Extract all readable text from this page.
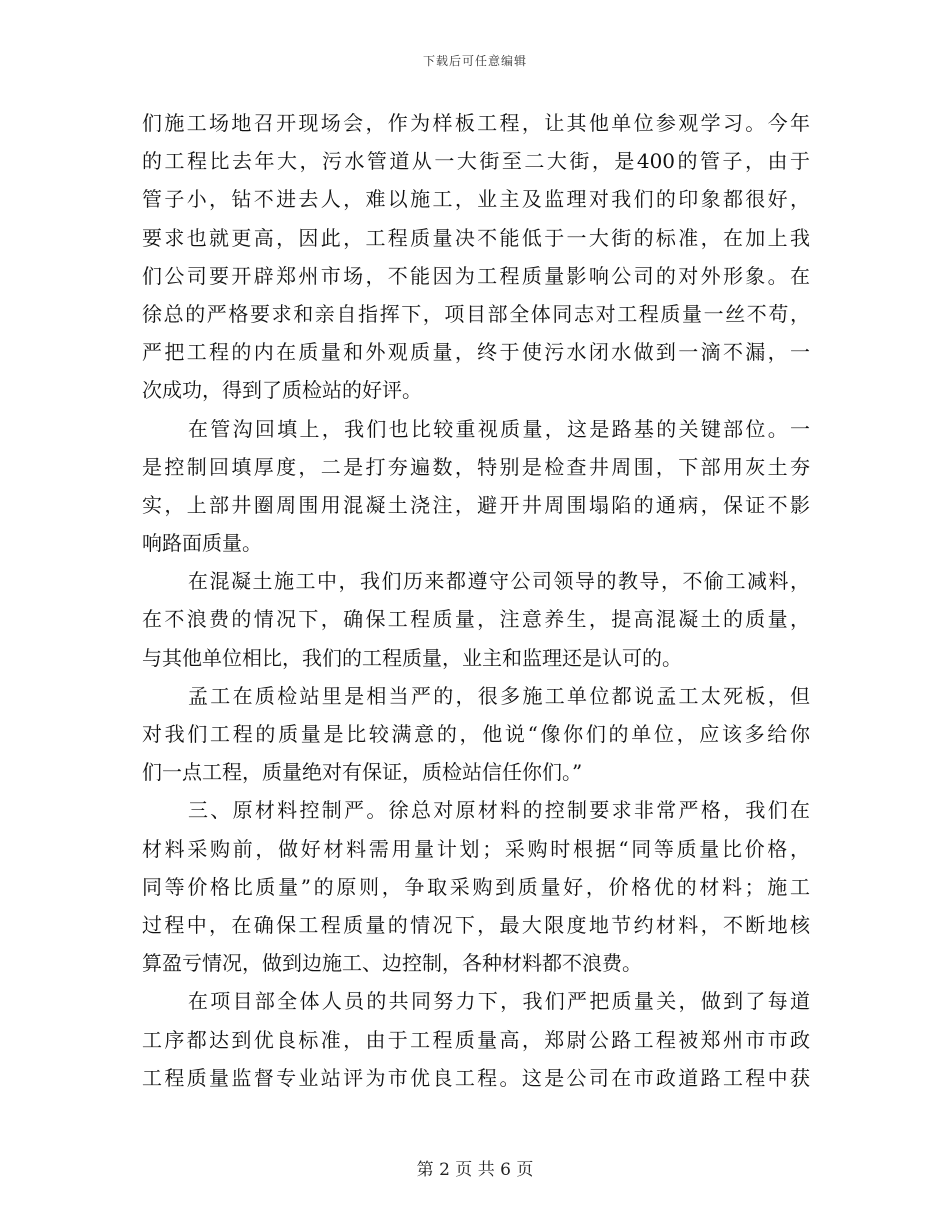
下载后可任意编辑
们施工场地召开现场会，作为样板工程，让其他单位参观学习。今年
的工程比去年大，污水管道从一大街至二大街，是400的管子，由于
管子小，钻不进去人，难以施工，业主及监理对我们的印象都很好，
要求也就更高，因此，工程质量决不能低于一大街的标准，在加上我
们公司要开辟郑州市场，不能因为工程质量影响公司的对外形象。在
徐总的严格要求和亲自指挥下，项目部全体同志对工程质量一丝不苟，
严把工程的内在质量和外观质量，终于使污水闭水做到一滴不漏，一
次成功，得到了质检站的好评。
在管沟回填上，我们也比较重视质量，这是路基的关键部位。一
是控制回填厚度，二是打夯遍数，特别是检查井周围，下部用灰土夯
实，上部井圈周围用混凝土浇注，避开井周围塌陷的通病，保证不影
响路面质量。
在混凝土施工中，我们历来都遵守公司领导的教导，不偷工减料，
在不浪费的情况下，确保工程质量，注意养生，提高混凝土的质量，
与其他单位相比，我们的工程质量，业主和监理还是认可的。
孟工在质检站里是相当严的，很多施工单位都说孟工太死板，但
对我们工程的质量是比较满意的，他说“像你们的单位，应该多给你
们一点工程，质量绝对有保证，质检站信任你们。”
三、原材料控制严。徐总对原材料的控制要求非常严格，我们在
材料采购前，做好材料需用量计划；采购时根据“同等质量比价格，
同等价格比质量”的原则，争取采购到质量好，价格优的材料；施工
过程中，在确保工程质量的情况下，最大限度地节约材料，不断地核
算盈亏情况，做到边施工、边控制，各种材料都不浪费。
在项目部全体人员的共同努力下，我们严把质量关，做到了每道
工序都达到优良标准，由于工程质量高，郑尉公路工程被郑州市市政
工程质量监督专业站评为市优良工程。这是公司在市政道路工程中获
第 2 页 共 6 页
